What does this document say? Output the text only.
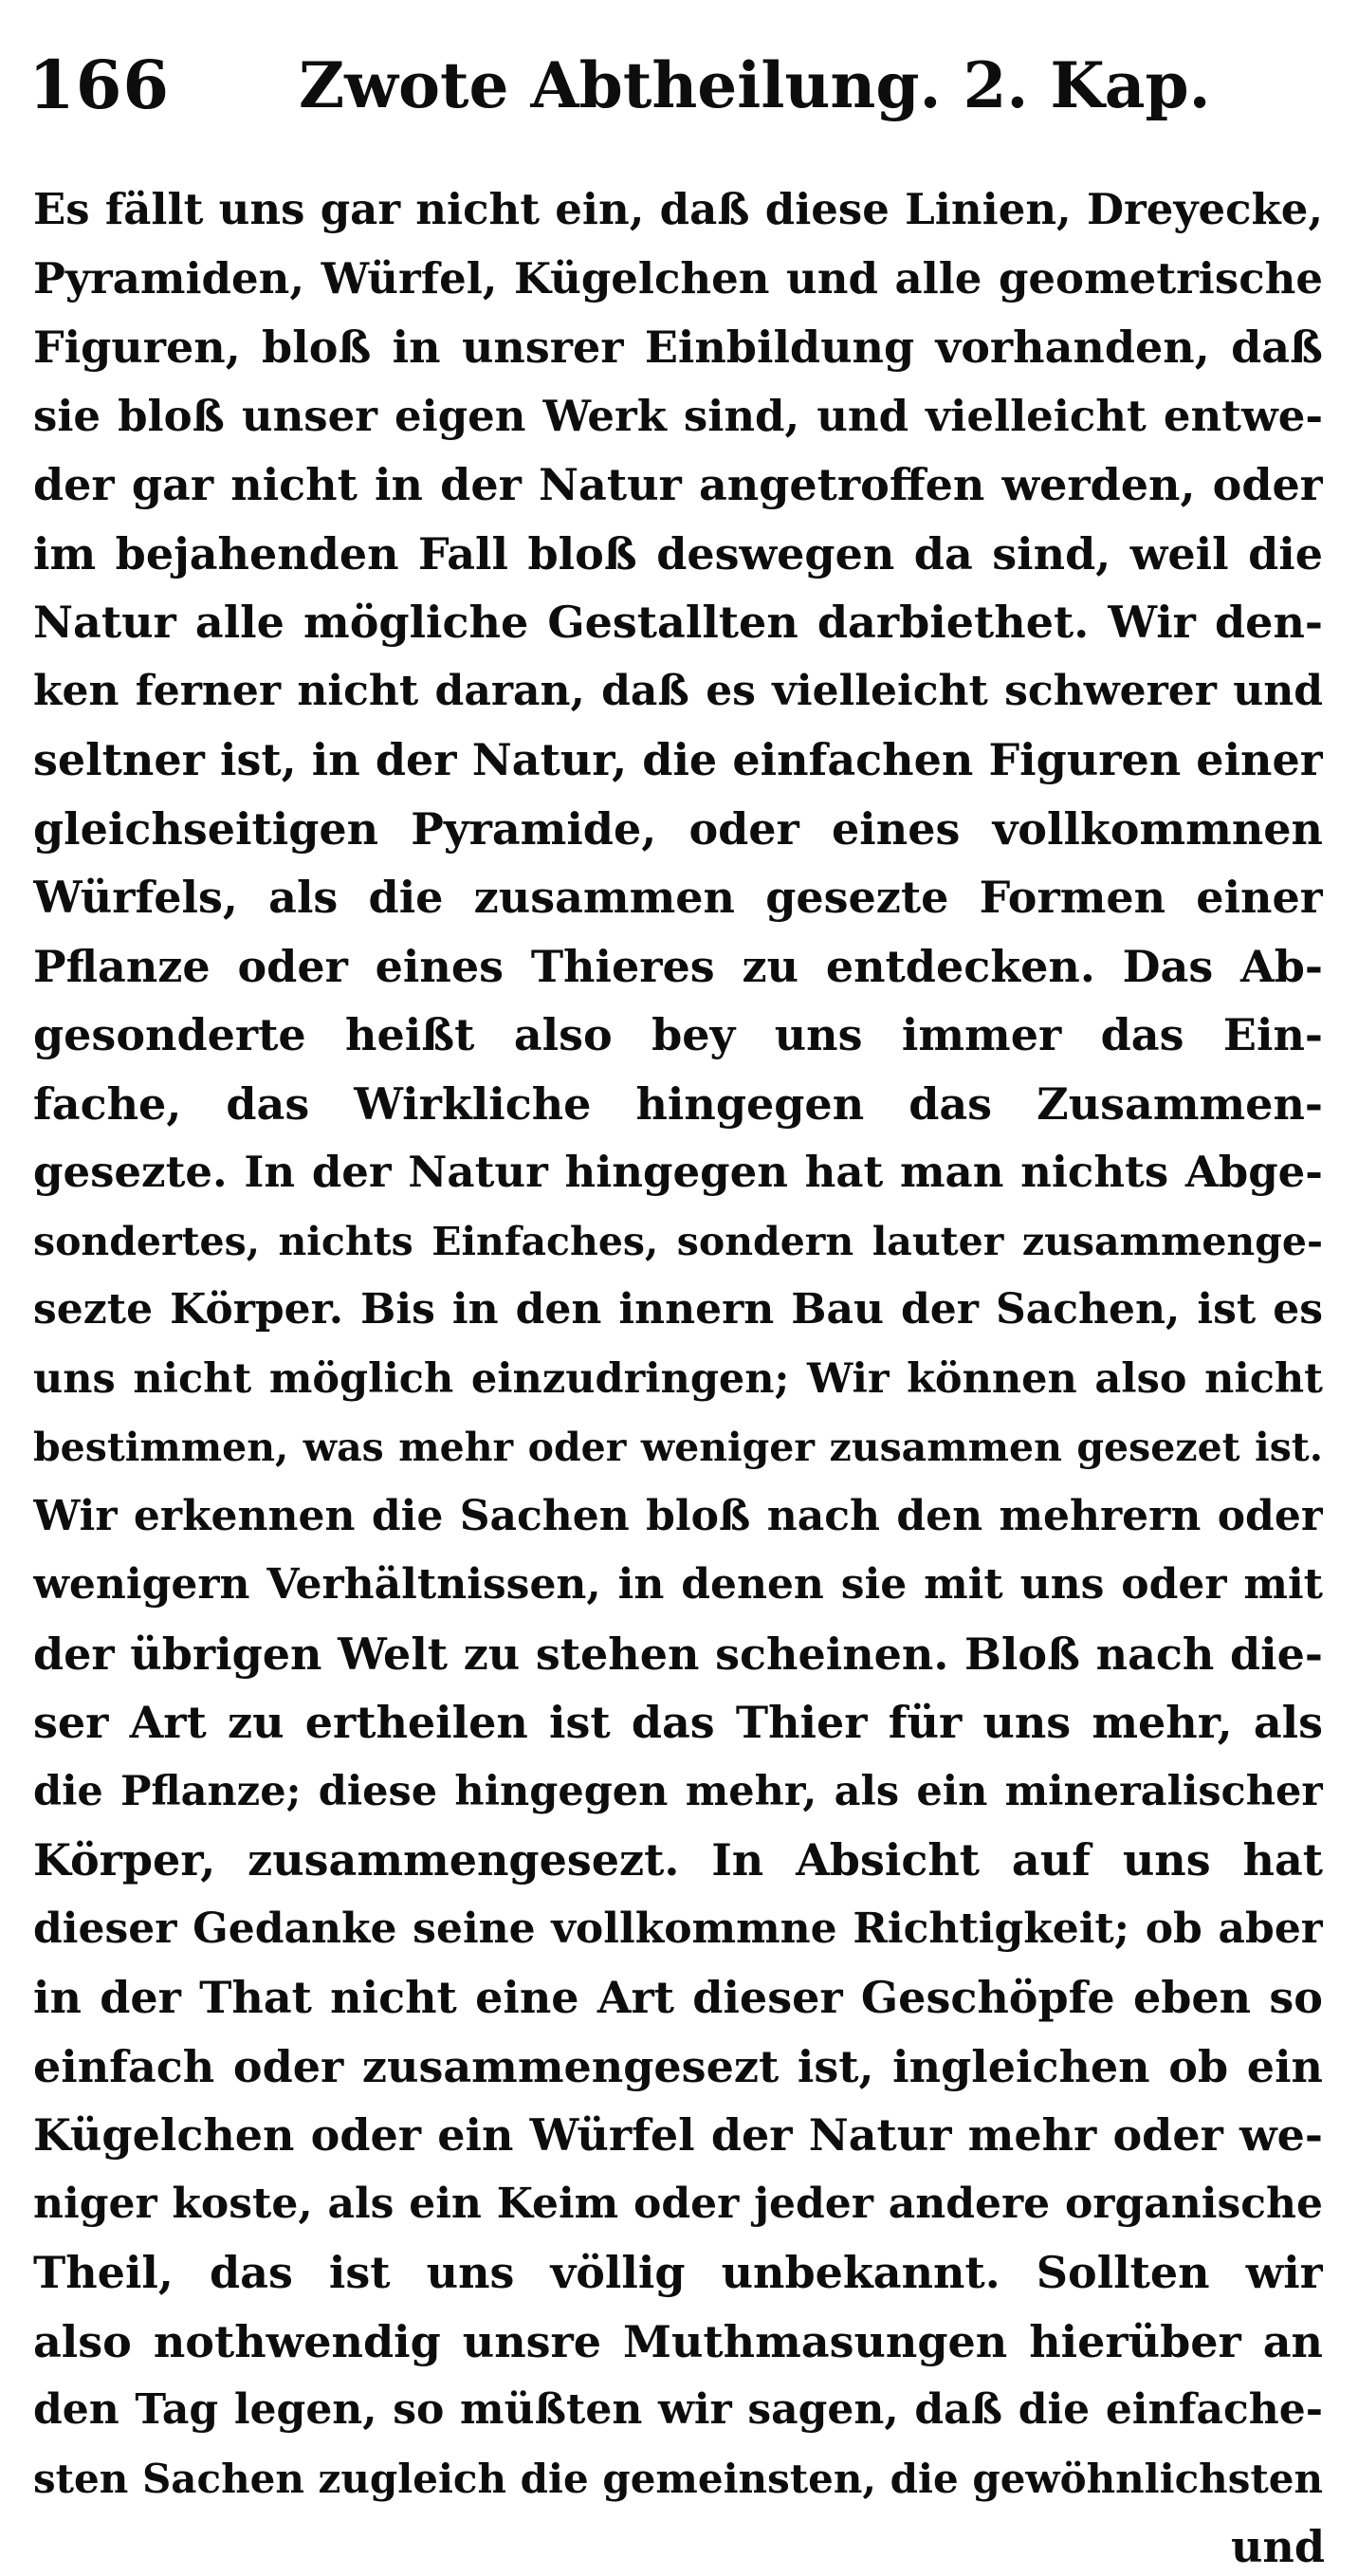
166 Zwote Abtheilung. 2. Kap.
Es fällt uns gar nicht ein, daß diese Linien, Dreyecke,
Pyramiden, Würfel, Kügelchen und alle geometrische
Figuren, bloß in unsrer Einbildung vorhanden, daß
sie bloß unser eigen Werk sind, und vielleicht entwe-
der gar nicht in der Natur angetroffen werden, oder
im bejahenden Fall bloß deswegen da sind, weil die
Natur alle mögliche Gestallten darbiethet. Wir den-
ken ferner nicht daran, daß es vielleicht schwerer und
seltner ist, in der Natur, die einfachen Figuren einer
gleichseitigen Pyramide, oder eines vollkommnen
Würfels, als die zusammen gesezte Formen einer
Pflanze oder eines Thieres zu entdecken. Das Ab-
gesonderte heißt also bey uns immer das Ein-
fache, das Wirkliche hingegen das Zusammen-
gesezte. In der Natur hingegen hat man nichts Abge-
sondertes, nichts Einfaches, sondern lauter zusammenge-
sezte Körper. Bis in den innern Bau der Sachen, ist es
uns nicht möglich einzudringen; Wir können also nicht
bestimmen, was mehr oder weniger zusammen gesezet ist.
Wir erkennen die Sachen bloß nach den mehrern oder
wenigern Verhältnissen, in denen sie mit uns oder mit
der übrigen Welt zu stehen scheinen. Bloß nach die-
ser Art zu ertheilen ist das Thier für uns mehr, als
die Pflanze; diese hingegen mehr, als ein mineralischer
Körper, zusammengesezt. In Absicht auf uns hat
dieser Gedanke seine vollkommne Richtigkeit; ob aber
in der That nicht eine Art dieser Geschöpfe eben so
einfach oder zusammengesezt ist, ingleichen ob ein
Kügelchen oder ein Würfel der Natur mehr oder we-
niger koste, als ein Keim oder jeder andere organische
Theil, das ist uns völlig unbekannt. Sollten wir
also nothwendig unsre Muthmasungen hierüber an
den Tag legen, so müßten wir sagen, daß die einfache-
sten Sachen zugleich die gemeinsten, die gewöhnlichsten
und
